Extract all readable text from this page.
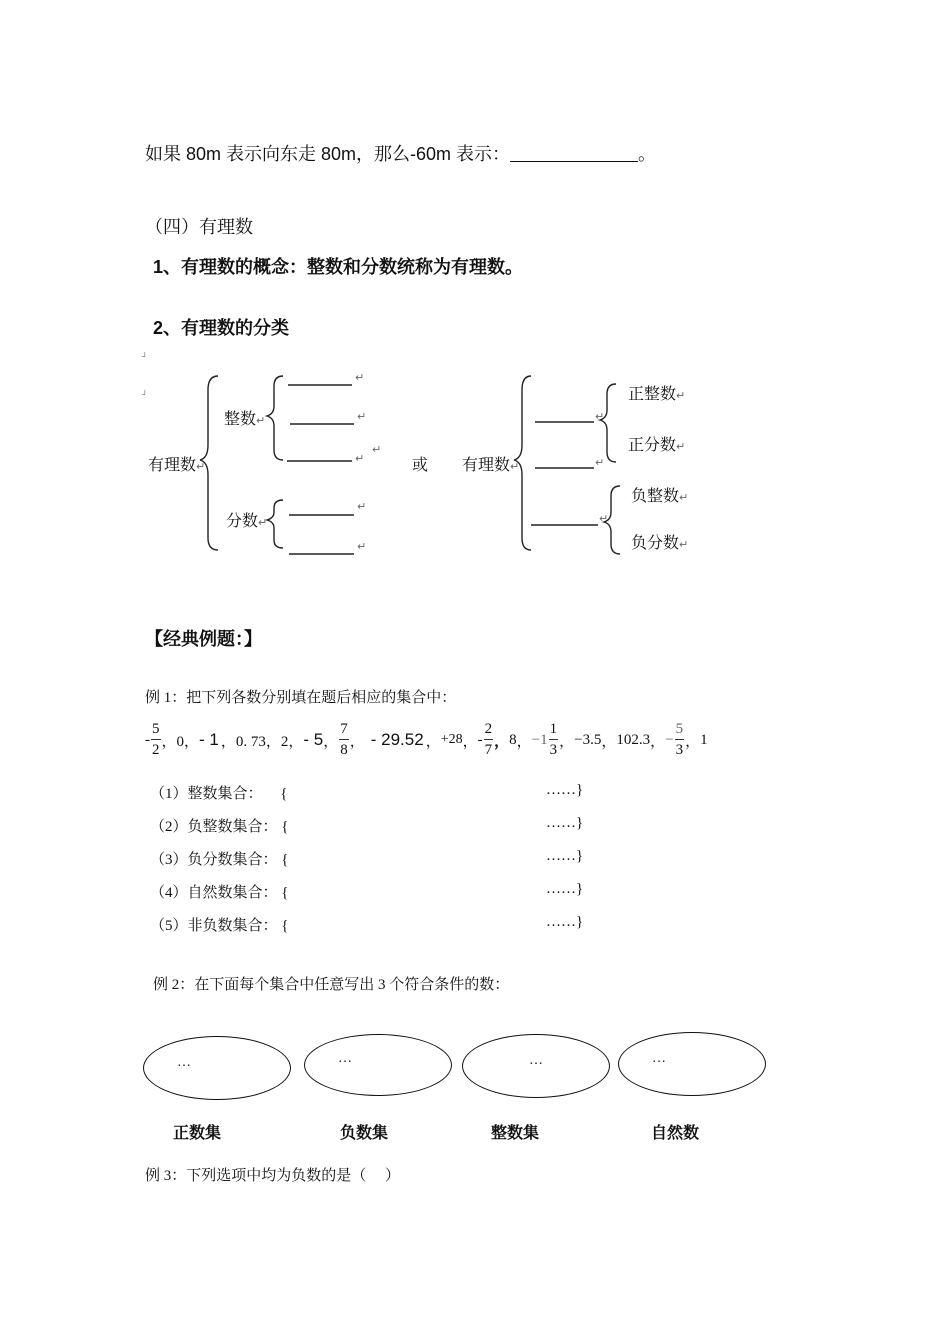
如果 80m 表示向东走 80m，那么-60m 表示：	。
（四）有理数
1、有理数的概念：整数和分数统称为有理数。
2、有理数的分类
有理数↵
整数↵
分数↵
┘
┘
↵
↵
↵
↵
↵
↵
或 有理数↵
↵
↵
↵
正整数↵
正分数↵
负整数↵
负分数↵
【经典例题：】
例 1：把下列各数分别填在题后相应的集合中：
- $\frac{5}{2}$ ，0， - 1 ，0. 73，2， - 5 ， $\frac{7}{8}$ ， - 29.52 ， +28 ， - $\frac{2}{7}$ ， 8 ， $-1 \frac{1}{3}$ ， −3.5 ， 102.3 ， − $\frac{5}{3}$ ， 1
（1）整数集合： {	……}
（2）负整数集合： {	……}
（3）负分数集合： {	……}
（4）自然数集合： {	……}
（5）非负数集合： {	……}
例 2：在下面每个集合中任意写出 3 个符合条件的数：
…	…	…	…
正数集	负数集	整数集	自然数
例 3：下列选项中均为负数的是（     ）
